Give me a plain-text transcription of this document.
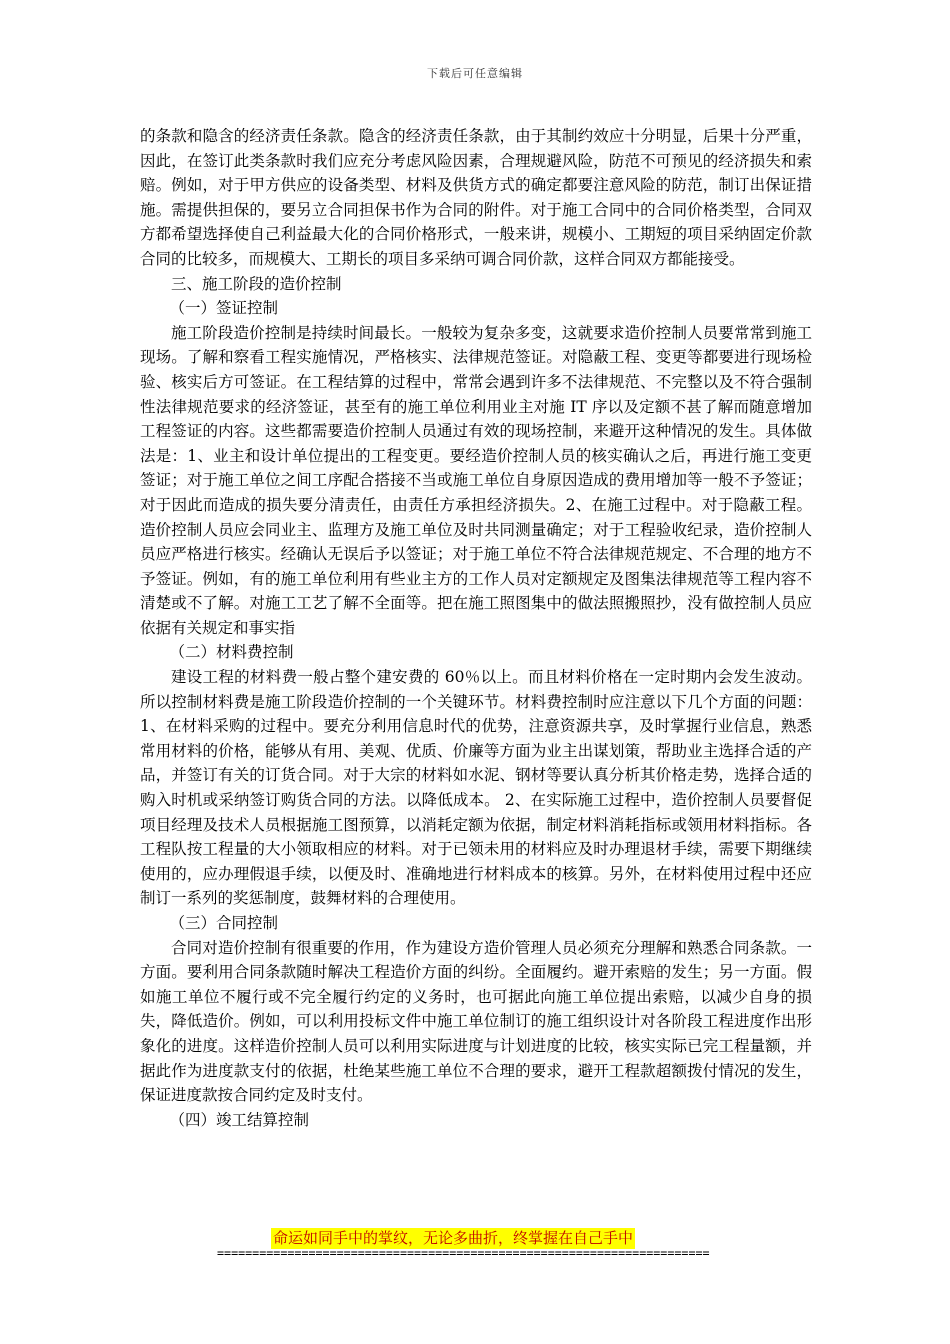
下载后可任意编辑

的条款和隐含的经济责任条款。隐含的经济责任条款，由于其制约效应十分明显，后果十分严重，因此，在签订此类条款时我们应充分考虑风险因素，合理规避风险，防范不可预见的经济损失和索赔。例如，对于甲方供应的设备类型、材料及供货方式的确定都要注意风险的防范，制订出保证措施。需提供担保的，要另立合同担保书作为合同的附件。对于施工合同中的合同价格类型，合同双方都希望选择使自己利益最大化的合同价格形式，一般来讲，规模小、工期短的项目采纳固定价款合同的比较多，而规模大、工期长的项目多采纳可调合同价款，这样合同双方都能接受。

三、施工阶段的造价控制

（一）签证控制

施工阶段造价控制是持续时间最长。一般较为复杂多变，这就要求造价控制人员要常常到施工现场。了解和察看工程实施情况，严格核实、法律规范签证。对隐蔽工程、变更等都要进行现场检验、核实后方可签证。在工程结算的过程中，常常会遇到许多不法律规范、不完整以及不符合强制性法律规范要求的经济签证，甚至有的施工单位利用业主对施 IT 序以及定额不甚了解而随意增加工程签证的内容。这些都需要造价控制人员通过有效的现场控制，来避开这种情况的发生。具体做法是：1、业主和设计单位提出的工程变更。要经造价控制人员的核实确认之后，再进行施工变更签证；对于施工单位之间工序配合搭接不当或施工单位自身原因造成的费用增加等一般不予签证；对于因此而造成的损失要分清责任，由责任方承担经济损失。2、在施工过程中。对于隐蔽工程。造价控制人员应会同业主、监理方及施工单位及时共同测量确定；对于工程验收纪录，造价控制人员应严格进行核实。经确认无误后予以签证；对于施工单位不符合法律规范规定、不合理的地方不予签证。例如，有的施工单位利用有些业主方的工作人员对定额规定及图集法律规范等工程内容不清楚或不了解。对施工工艺了解不全面等。把在施工照图集中的做法照搬照抄，没有做控制人员应依据有关规定和事实指

（二）材料费控制

建设工程的材料费一般占整个建安费的 60％以上。而且材料价格在一定时期内会发生波动。所以控制材料费是施工阶段造价控制的一个关键环节。材料费控制时应注意以下几个方面的问题：1、在材料采购的过程中。要充分利用信息时代的优势，注意资源共享，及时掌握行业信息，熟悉常用材料的价格，能够从有用、美观、优质、价廉等方面为业主出谋划策，帮助业主选择合适的产品，并签订有关的订货合同。对于大宗的材料如水泥、钢材等要认真分析其价格走势，选择合适的购入时机或采纳签订购货合同的方法。以降低成本。 2、在实际施工过程中，造价控制人员要督促项目经理及技术人员根据施工图预算，以消耗定额为依据，制定材料消耗指标或领用材料指标。各工程队按工程量的大小领取相应的材料。对于已领未用的材料应及时办理退材手续，需要下期继续使用的，应办理假退手续，以便及时、准确地进行材料成本的核算。另外，在材料使用过程中还应制订一系列的奖惩制度，鼓舞材料的合理使用。

（三）合同控制

合同对造价控制有很重要的作用，作为建设方造价管理人员必须充分理解和熟悉合同条款。一方面。要利用合同条款随时解决工程造价方面的纠纷。全面履约。避开索赔的发生；另一方面。假如施工单位不履行或不完全履行约定的义务时，也可据此向施工单位提出索赔，以减少自身的损失，降低造价。例如，可以利用投标文件中施工单位制订的施工组织设计对各阶段工程进度作出形象化的进度。这样造价控制人员可以利用实际进度与计划进度的比较，核实实际已完工程量额，并据此作为进度款支付的依据，杜绝某些施工单位不合理的要求，避开工程款超额拨付情况的发生，保证进度款按合同约定及时支付。

（四）竣工结算控制

命运如同手中的掌纹，无论多曲折，终掌握在自己手中
======================================================================
